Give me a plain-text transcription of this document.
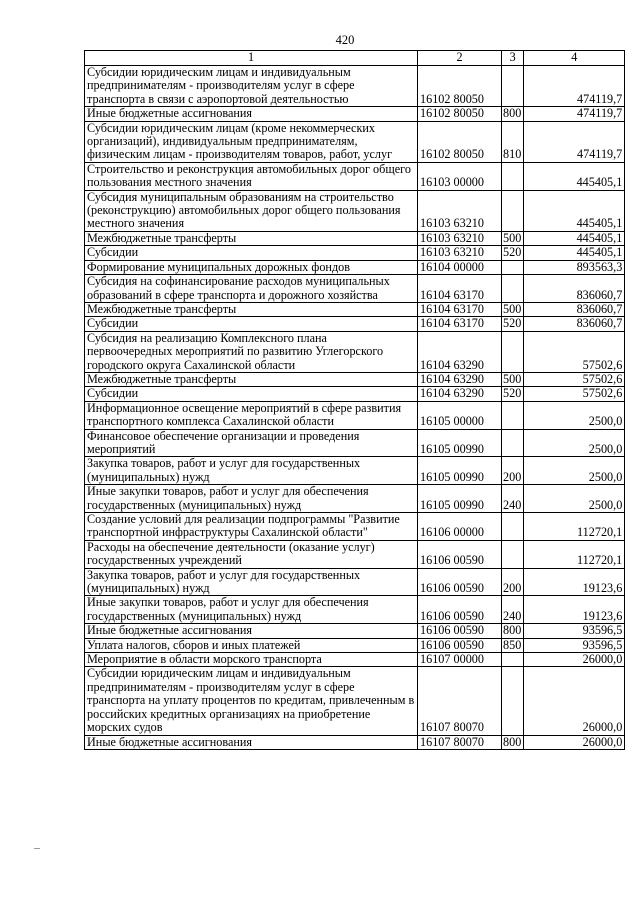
420
1	2	3	4
Субсидии юридическим лицам и индивидуальным предпринимателям - производителям услуг в сфере транспорта в связи с аэропортовой деятельностью	16102 80050		474119,7
Иные бюджетные ассигнования	16102 80050	800	474119,7
Субсидии юридическим лицам (кроме некоммерческих организаций), индивидуальным предпринимателям, физическим лицам - производителям товаров, работ, услуг	16102 80050	810	474119,7
Строительство и реконструкция автомобильных дорог общего пользования местного значения	16103 00000		445405,1
Субсидия муниципальным образованиям на строительство (реконструкцию) автомобильных дорог общего пользования местного значения	16103 63210		445405,1
Межбюджетные трансферты	16103 63210	500	445405,1
Субсидии	16103 63210	520	445405,1
Формирование муниципальных дорожных фондов	16104 00000		893563,3
Субсидия на софинансирование расходов муниципальных образований в сфере транспорта и дорожного хозяйства	16104 63170		836060,7
Межбюджетные трансферты	16104 63170	500	836060,7
Субсидии	16104 63170	520	836060,7
Субсидия на реализацию Комплексного плана первоочередных мероприятий по развитию Углегорского городского округа Сахалинской области	16104 63290		57502,6
Межбюджетные трансферты	16104 63290	500	57502,6
Субсидии	16104 63290	520	57502,6
Информационное освещение мероприятий в сфере развития транспортного комплекса Сахалинской области	16105 00000		2500,0
Финансовое обеспечение организации и проведения мероприятий	16105 00990		2500,0
Закупка товаров, работ и услуг для государственных (муниципальных) нужд	16105 00990	200	2500,0
Иные закупки товаров, работ и услуг для обеспечения государственных (муниципальных) нужд	16105 00990	240	2500,0
Создание условий для реализации подпрограммы "Развитие транспортной инфраструктуры Сахалинской области"	16106 00000		112720,1
Расходы на обеспечение деятельности (оказание услуг) государственных учреждений	16106 00590		112720,1
Закупка товаров, работ и услуг для государственных (муниципальных) нужд	16106 00590	200	19123,6
Иные закупки товаров, работ и услуг для обеспечения государственных (муниципальных) нужд	16106 00590	240	19123,6
Иные бюджетные ассигнования	16106 00590	800	93596,5
Уплата налогов, сборов и иных платежей	16106 00590	850	93596,5
Мероприятие в области морского транспорта	16107 00000		26000,0
Субсидии юридическим лицам и индивидуальным предпринимателям - производителям услуг в сфере транспорта на уплату процентов по кредитам, привлеченным в российских кредитных организациях на приобретение морских судов	16107 80070		26000,0
Иные бюджетные ассигнования	16107 80070	800	26000,0
